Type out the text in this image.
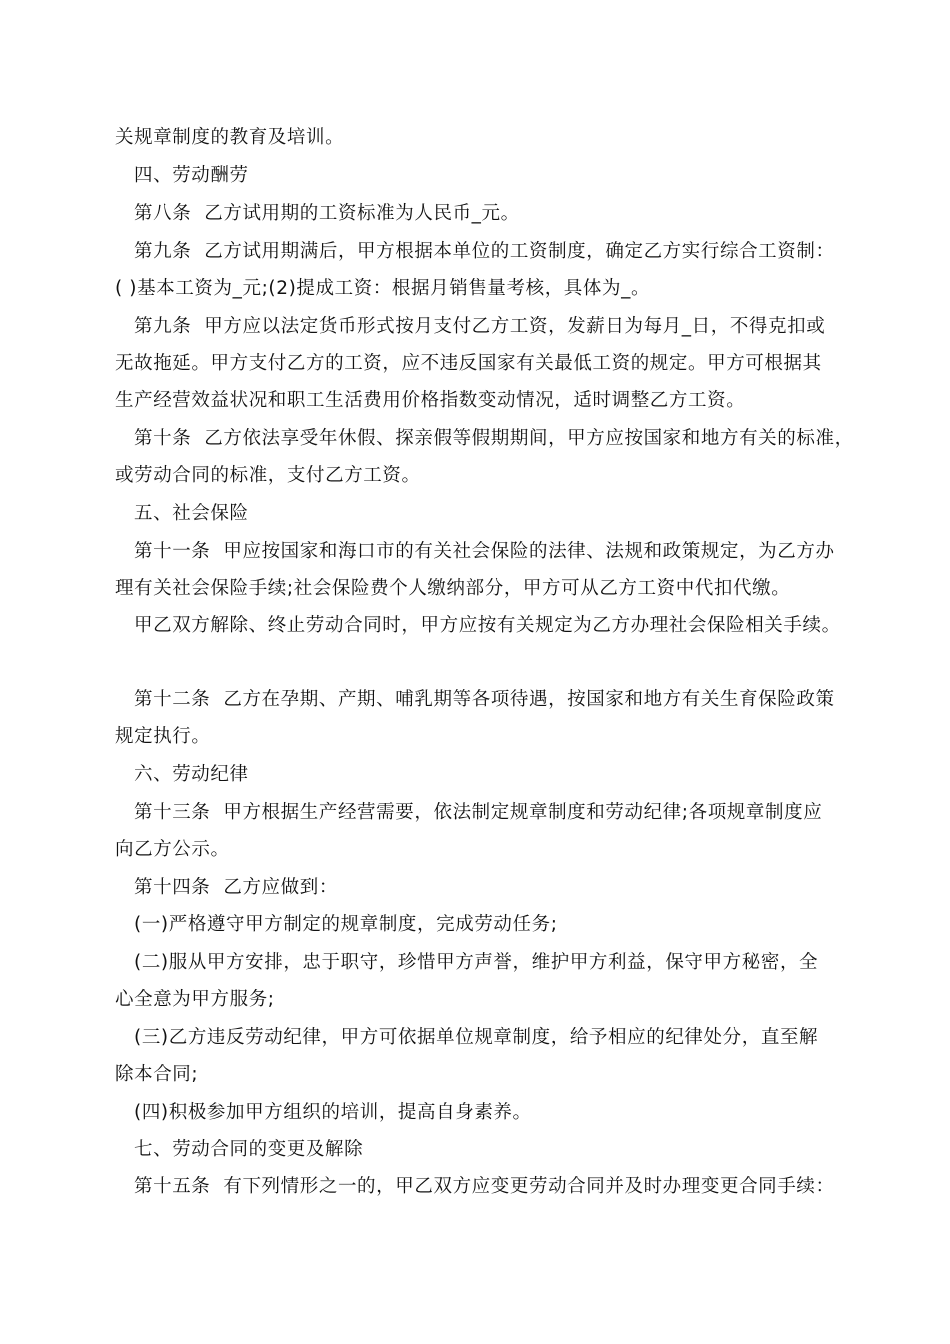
关规章制度的教育及培训。
四、劳动酬劳
第八条  乙方试用期的工资标准为人民币_元。
第九条  乙方试用期满后，甲方根据本单位的工资制度，确定乙方实行综合工资制：
( )基本工资为_元;(2)提成工资：根据月销售量考核，具体为_。
第九条  甲方应以法定货币形式按月支付乙方工资，发薪日为每月_日，不得克扣或
无故拖延。甲方支付乙方的工资，应不违反国家有关最低工资的规定。甲方可根据其
生产经营效益状况和职工生活费用价格指数变动情况，适时调整乙方工资。
第十条  乙方依法享受年休假、探亲假等假期期间，甲方应按国家和地方有关的标准，
或劳动合同的标准，支付乙方工资。
五、社会保险
第十一条  甲应按国家和海口市的有关社会保险的法律、法规和政策规定，为乙方办
理有关社会保险手续;社会保险费个人缴纳部分，甲方可从乙方工资中代扣代缴。
甲乙双方解除、终止劳动合同时，甲方应按有关规定为乙方办理社会保险相关手续。
第十二条  乙方在孕期、产期、哺乳期等各项待遇，按国家和地方有关生育保险政策
规定执行。
六、劳动纪律
第十三条  甲方根据生产经营需要，依法制定规章制度和劳动纪律;各项规章制度应
向乙方公示。
第十四条  乙方应做到：
(一)严格遵守甲方制定的规章制度，完成劳动任务;
(二)服从甲方安排，忠于职守，珍惜甲方声誉，维护甲方利益，保守甲方秘密，全
心全意为甲方服务;
(三)乙方违反劳动纪律，甲方可依据单位规章制度，给予相应的纪律处分，直至解
除本合同;
(四)积极参加甲方组织的培训，提高自身素养。
七、劳动合同的变更及解除
第十五条  有下列情形之一的，甲乙双方应变更劳动合同并及时办理变更合同手续：
